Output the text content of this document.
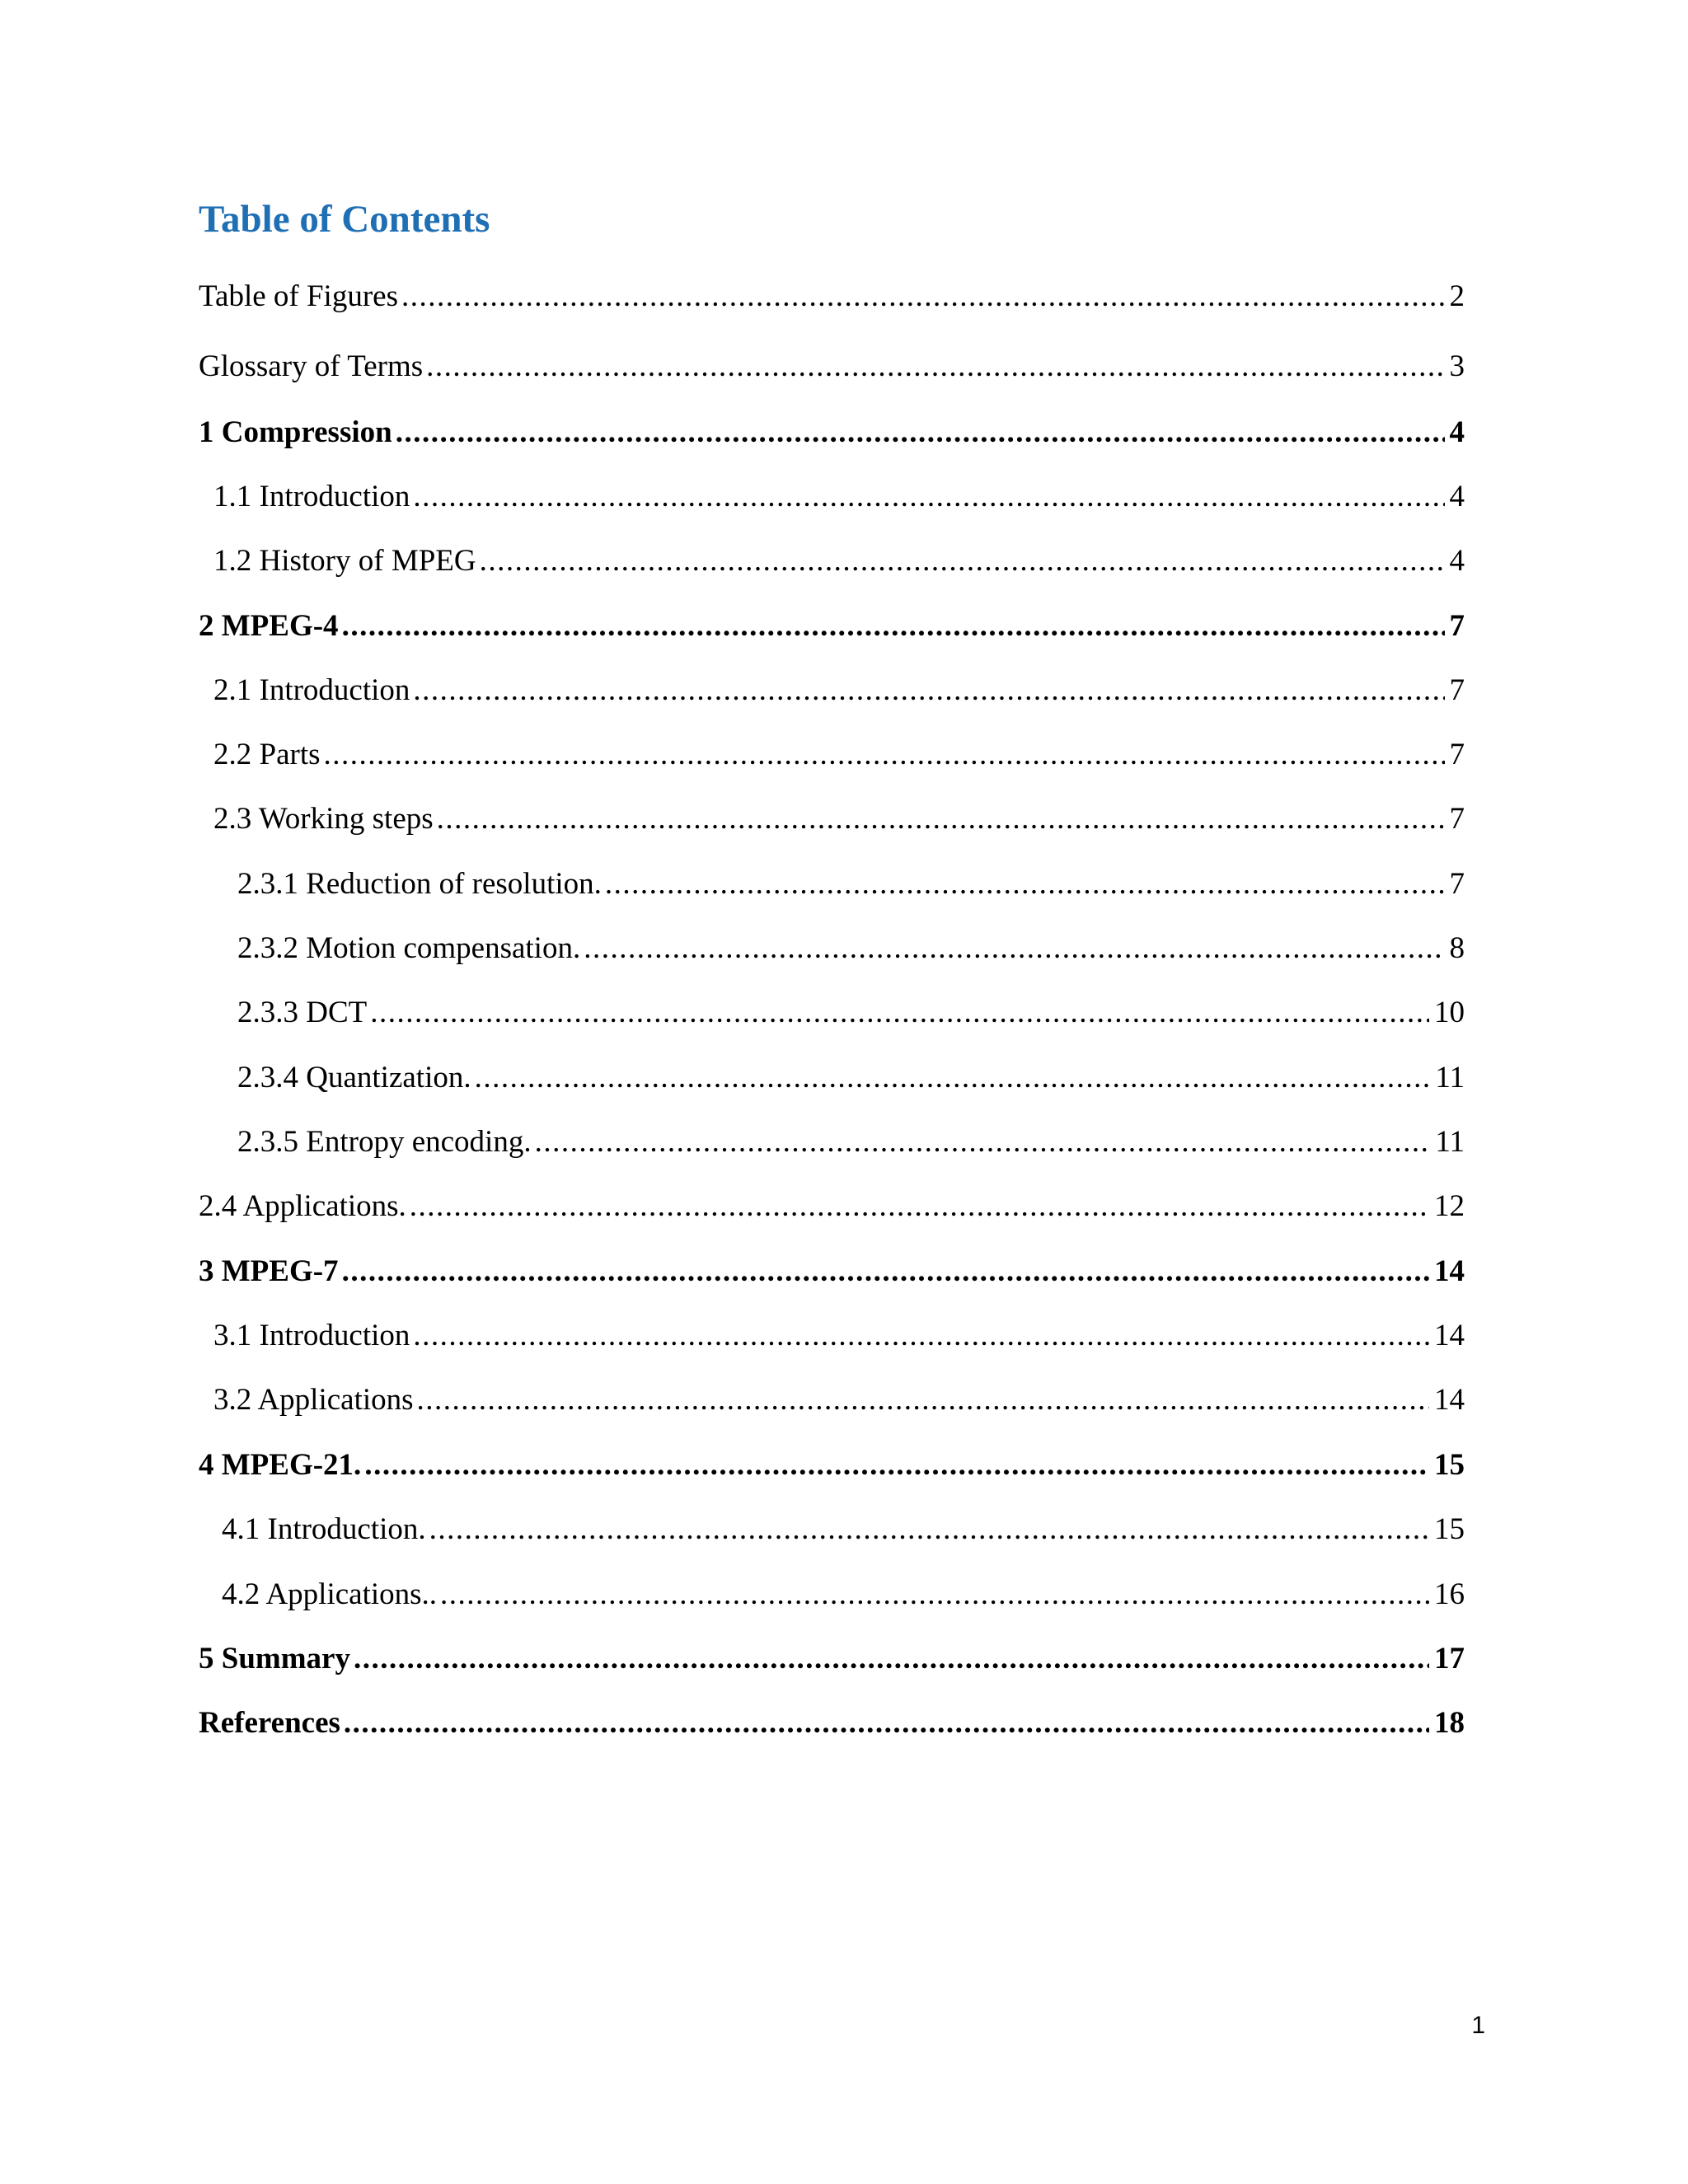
Table of Contents
Table of Figures .....	2
Glossary of Terms .....	3
1 Compression .....	4
1.1 Introduction .....	4
1.2 History of MPEG .....	4
2 MPEG-4 .....	7
2.1 Introduction .....	7
2.2 Parts .....	7
2.3 Working steps .....	7
2.3.1 Reduction of resolution. .....	7
2.3.2 Motion compensation. .....	8
2.3.3 DCT .....	10
2.3.4 Quantization. .....	11
2.3.5 Entropy encoding. .....	11
2.4 Applications. .....	12
3 MPEG-7 .....	14
3.1 Introduction .....	14
3.2 Applications .....	14
4 MPEG-21. .....	15
4.1 Introduction. .....	15
4.2 Applications.. .....	16
5 Summary .....	17
References .....	18
1
